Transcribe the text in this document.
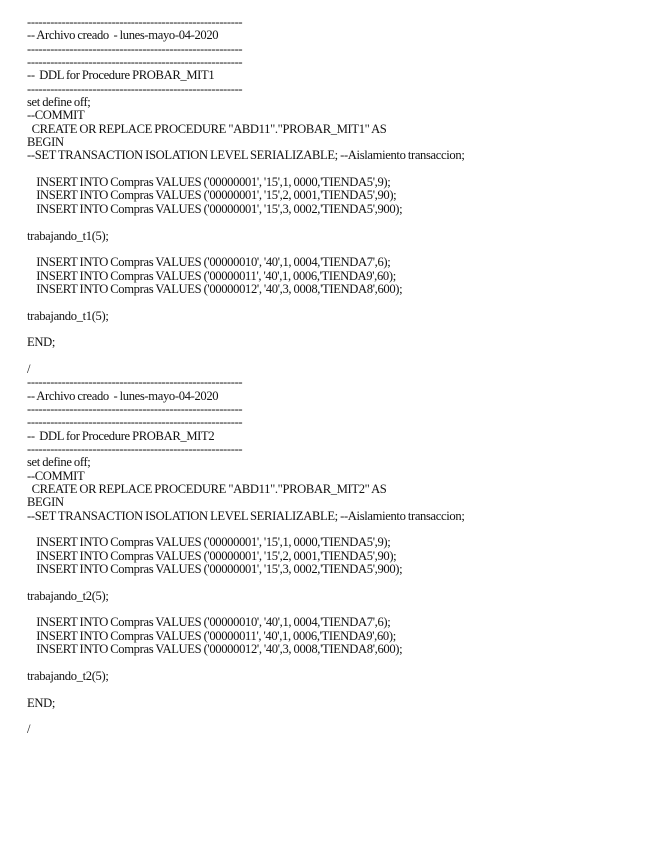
--------------------------------------------------------
-- Archivo creado  - lunes-mayo-04-2020
--------------------------------------------------------
--------------------------------------------------------
--  DDL for Procedure PROBAR_MIT1
--------------------------------------------------------
set define off;
--COMMIT
CREATE OR REPLACE PROCEDURE "ABD11"."PROBAR_MIT1" AS
BEGIN
--SET TRANSACTION ISOLATION LEVEL SERIALIZABLE; --Aislamiento transaccion;
INSERT INTO Compras VALUES ('00000001', '15',1, 0000,'TIENDA5',9);
INSERT INTO Compras VALUES ('00000001', '15',2, 0001,'TIENDA5',90);
INSERT INTO Compras VALUES ('00000001', '15',3, 0002,'TIENDA5',900);
trabajando_t1(5);
INSERT INTO Compras VALUES ('00000010', '40',1, 0004,'TIENDA7',6);
INSERT INTO Compras VALUES ('00000011', '40',1, 0006,'TIENDA9',60);
INSERT INTO Compras VALUES ('00000012', '40',3, 0008,'TIENDA8',600);
trabajando_t1(5);
END;
/
--------------------------------------------------------
-- Archivo creado  - lunes-mayo-04-2020
--------------------------------------------------------
--------------------------------------------------------
--  DDL for Procedure PROBAR_MIT2
--------------------------------------------------------
set define off;
--COMMIT
CREATE OR REPLACE PROCEDURE "ABD11"."PROBAR_MIT2" AS
BEGIN
--SET TRANSACTION ISOLATION LEVEL SERIALIZABLE; --Aislamiento transaccion;
INSERT INTO Compras VALUES ('00000001', '15',1, 0000,'TIENDA5',9);
INSERT INTO Compras VALUES ('00000001', '15',2, 0001,'TIENDA5',90);
INSERT INTO Compras VALUES ('00000001', '15',3, 0002,'TIENDA5',900);
trabajando_t2(5);
INSERT INTO Compras VALUES ('00000010', '40',1, 0004,'TIENDA7',6);
INSERT INTO Compras VALUES ('00000011', '40',1, 0006,'TIENDA9',60);
INSERT INTO Compras VALUES ('00000012', '40',3, 0008,'TIENDA8',600);
trabajando_t2(5);
END;
/
